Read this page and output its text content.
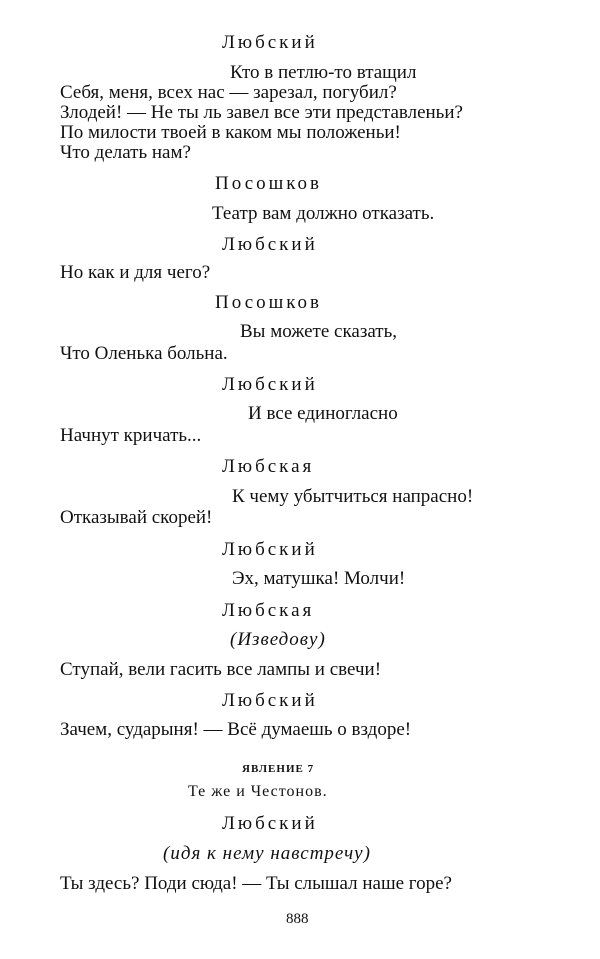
Любский
Кто в петлю-то втащил
Себя, меня, всех нас — зарезал, погубил?
Злодей! — Не ты ль завел все эти представленьи?
По милости твоей в каком мы положеньи!
Что делать нам?
Посошков
Театр вам должно отказать.
Любский
Но как и для чего?
Посошков
Вы можете сказать,
Что Оленька больна.
Любский
И все единогласно
Начнут кричать...
Любская
К чему убытчиться напрасно!
Отказывай скорей!
Любский
Эх, матушка! Молчи!
Любская
(Изведову)
Ступай, вели гасить все лампы и свечи!
Любский
Зачем, сударыня! — Всё думаешь о вздоре!
ЯВЛЕНИЕ 7
Те же и Честонов.
Любский
(идя к нему навстречу)
Ты здесь? Поди сюда! — Ты слышал наше горе?
888
